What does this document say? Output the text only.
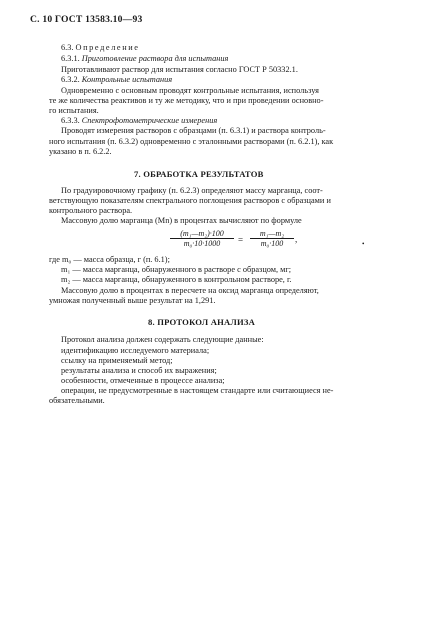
С. 10 ГОСТ 13583.10—93
6.3. Определение
6.3.1. Приготовление раствора для испытания
Приготавливают раствор для испытания согласно ГОСТ Р 50332.1.
6.3.2. Контрольные испытания
Одновременно с основным проводят контрольные испытания, используя
те же количества реактивов и ту же методику, что и при проведении основно-
го испытания.
6.3.3. Спектрофотометрические измерения
Проводят измерения растворов с образцами (п. 6.3.1) и раствора контроль-
ного испытания (п. 6.3.2) одновременно с эталонными растворами (п. 6.2.1), как
указано в п. 6.2.2.
7. ОБРАБОТКА РЕЗУЛЬТАТОВ
По градуировочному графику (п. 6.2.3) определяют массу марганца, соот-
ветствующую показателям спектрального поглощения растворов с образцами и
контрольного раствора.
Массовую долю марганца (Mn) в процентах вычисляют по формуле
$\frac{\text{(m₁—m₂)·100}}{\text{m₀·10·1000}} = \frac{\text{m₁—m₂}}{\text{m₀·100}}$ ,	•
где m₀ — масса образца, г (п. 6.1);
m₁ — масса марганца, обнаруженного в растворе с образцом, мг;
m₂ — масса марганца, обнаруженного в контрольном растворе, г.
Массовую долю в процентах в пересчете на оксид марганца определяют,
умножая полученный выше результат на 1,291.
8. ПРОТОКОЛ АНАЛИЗА
Протокол анализа должен содержать следующие данные:
идентификацию исследуемого материала;
ссылку на применяемый метод;
результаты анализа и способ их выражения;
особенности, отмеченные в процессе анализа;
операции, не предусмотренные в настоящем стандарте или считающиеся не-
обязательными.
